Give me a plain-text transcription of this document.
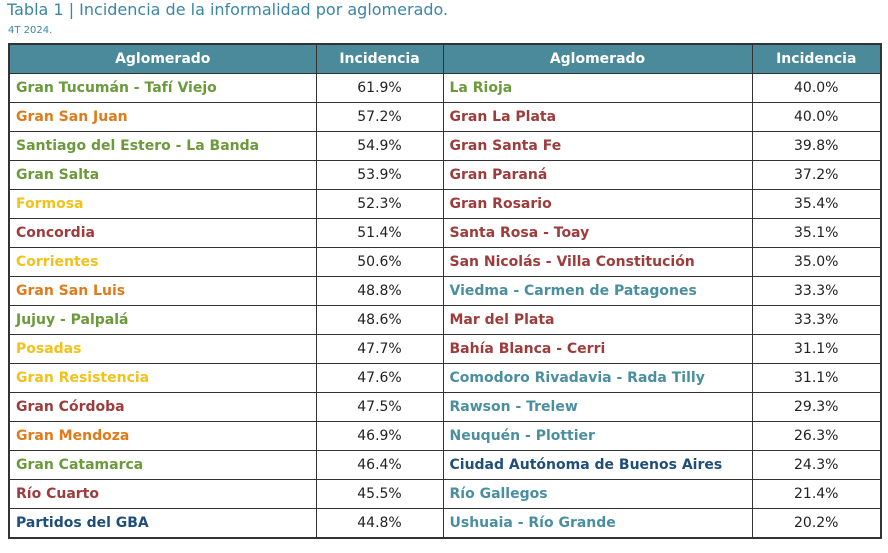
Tabla 1 | Incidencia de la informalidad por aglomerado.
4T 2024.
Aglomerado	Incidencia	Aglomerado	Incidencia
Gran Tucumán - Tafí Viejo	61.9%	La Rioja	40.0%
Gran San Juan	57.2%	Gran La Plata	40.0%
Santiago del Estero - La Banda	54.9%	Gran Santa Fe	39.8%
Gran Salta	53.9%	Gran Paraná	37.2%
Formosa	52.3%	Gran Rosario	35.4%
Concordia	51.4%	Santa Rosa - Toay	35.1%
Corrientes	50.6%	San Nicolás - Villa Constitución	35.0%
Gran San Luis	48.8%	Viedma - Carmen de Patagones	33.3%
Jujuy - Palpalá	48.6%	Mar del Plata	33.3%
Posadas	47.7%	Bahía Blanca - Cerri	31.1%
Gran Resistencia	47.6%	Comodoro Rivadavia - Rada Tilly	31.1%
Gran Córdoba	47.5%	Rawson - Trelew	29.3%
Gran Mendoza	46.9%	Neuquén - Plottier	26.3%
Gran Catamarca	46.4%	Ciudad Autónoma de Buenos Aires	24.3%
Río Cuarto	45.5%	Río Gallegos	21.4%
Partidos del GBA	44.8%	Ushuaia - Río Grande	20.2%
